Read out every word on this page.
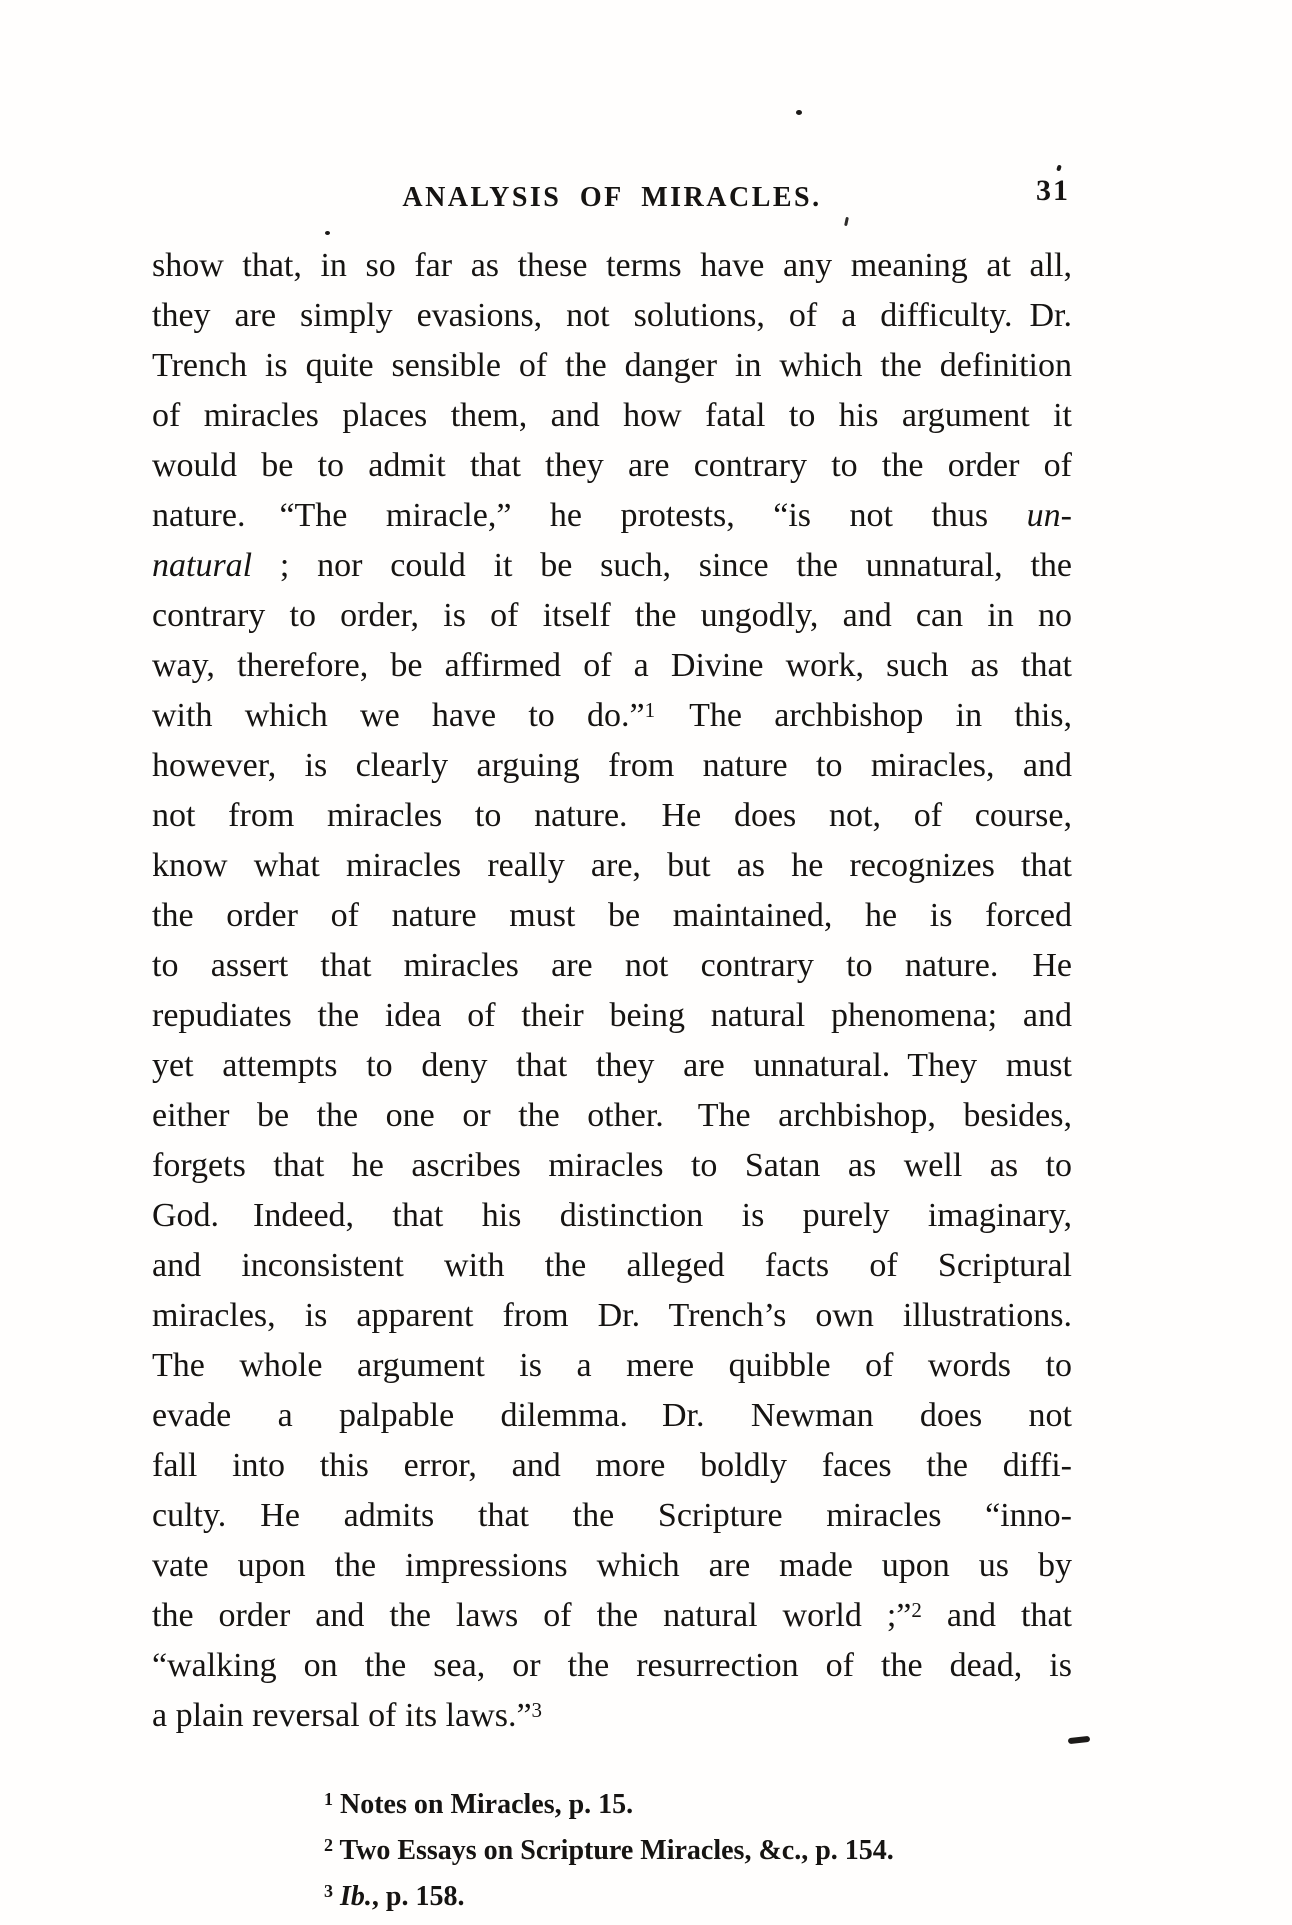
ANALYSIS OF MIRACLES.	31
show that, in so far as these terms have any meaning at all,
they are simply evasions, not solutions, of a difficulty. Dr.
Trench is quite sensible of the danger in which the definition
of miracles places them, and how fatal to his argument it
would be to admit that they are contrary to the order of
nature. “The miracle,” he protests, “is not thus un-
natural ; nor could it be such, since the unnatural, the
contrary to order, is of itself the ungodly, and can in no
way, therefore, be affirmed of a Divine work, such as that
with which we have to do.”$^1$ The archbishop in this,
however, is clearly arguing from nature to miracles, and
not from miracles to nature. He does not, of course,
know what miracles really are, but as he recognizes that
the order of nature must be maintained, he is forced
to assert that miracles are not contrary to nature. He
repudiates the idea of their being natural phenomena; and
yet attempts to deny that they are unnatural. They must
either be the one or the other. The archbishop, besides,
forgets that he ascribes miracles to Satan as well as to
God. Indeed, that his distinction is purely imaginary,
and inconsistent with the alleged facts of Scriptural
miracles, is apparent from Dr. Trench’s own illustrations.
The whole argument is a mere quibble of words to
evade a palpable dilemma. Dr. Newman does not
fall into this error, and more boldly faces the diffi-
culty. He admits that the Scripture miracles “inno-
vate upon the impressions which are made upon us by
the order and the laws of the natural world ;”$^2$ and that
“walking on the sea, or the resurrection of the dead, is
a plain reversal of its laws.”$^3$
$^1$ Notes on Miracles, p. 15.
$^2$ Two Essays on Scripture Miracles, &c., p. 154.
$^3$ Ib., p. 158.
